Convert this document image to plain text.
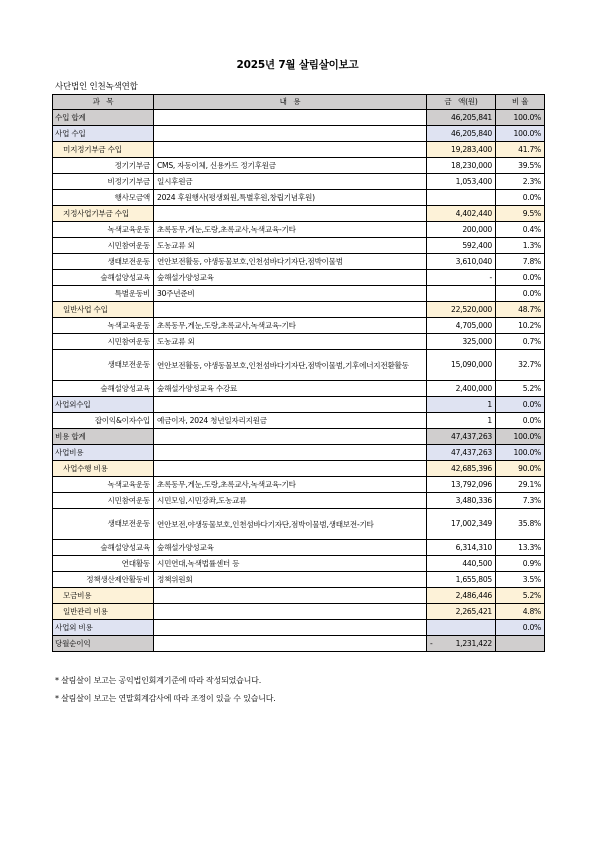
2025년 7월 살림살이보고
사단법인 인천녹색연합
과   목	내   용	금   액(원)	비 율
수입 합계		46,205,841	100.0%
사업 수입		46,205,840	100.0%
미지정기부금 수입		19,283,400	41.7%
정기기부금	CMS, 자동이체, 신용카드 정기후원금	18,230,000	39.5%
비정기기부금	일시후원금	1,053,400	2.3%
행사모금액	2024 후원행사(평생회원,특별후원,창립기념후원)		0.0%
지정사업기부금 수입		4,402,440	9.5%
녹색교육운동	초록동무,게눈,도랑,초록교사,녹색교육-기타	200,000	0.4%
시민참여운동	도농교류 외	592,400	1.3%
생태보전운동	연안보전활동, 야생동물보호,인천섬바다기자단,점박이물범	3,610,040	7.8%
숲해설양성교육	숲해설가양성교육	-	0.0%
특별운동비	30주년준비		0.0%
일반사업 수입		22,520,000	48.7%
녹색교육운동	초록동무,게눈,도랑,초록교사,녹색교육-기타	4,705,000	10.2%
시민참여운동	도농교류 외	325,000	0.7%
생태보전운동	연안보전활동, 야생동물보호,인천섬바다기자단,점박이물범,기후에너지전환활동	15,090,000	32.7%
숲해설양성교육	숲해설가양성교육 수강료	2,400,000	5.2%
사업외수입		1	0.0%
잡이익&이자수입	예금이자, 2024 청년일자리지원금	1	0.0%
비용 합계		47,437,263	100.0%
사업비용		47,437,263	100.0%
사업수행 비용		42,685,396	90.0%
녹색교육운동	초록동무,게눈,도랑,초록교사,녹색교육-기타	13,792,096	29.1%
시민참여운동	시민모임,시민강좌,도농교류	3,480,336	7.3%
생태보전운동	연안보전,야생동물보호,인천섬바다기자단,점박이물범,생태보전-기타	17,002,349	35.8%
숲해설양성교육	숲해설가양성교육	6,314,310	13.3%
연대활동	시민연대,녹색법률센터 등	440,500	0.9%
정책생산제안활동비	정책위원회	1,655,805	3.5%
모금비용		2,486,446	5.2%
일반관리 비용		2,265,421	4.8%
사업외 비용			0.0%
당월순이익		- 1,231,422	

* 살림살이 보고는 공익법인회계기준에 따라 작성되었습니다.
* 살림살이 보고는 연말회계감사에 따라 조정이 있을 수 있습니다.
